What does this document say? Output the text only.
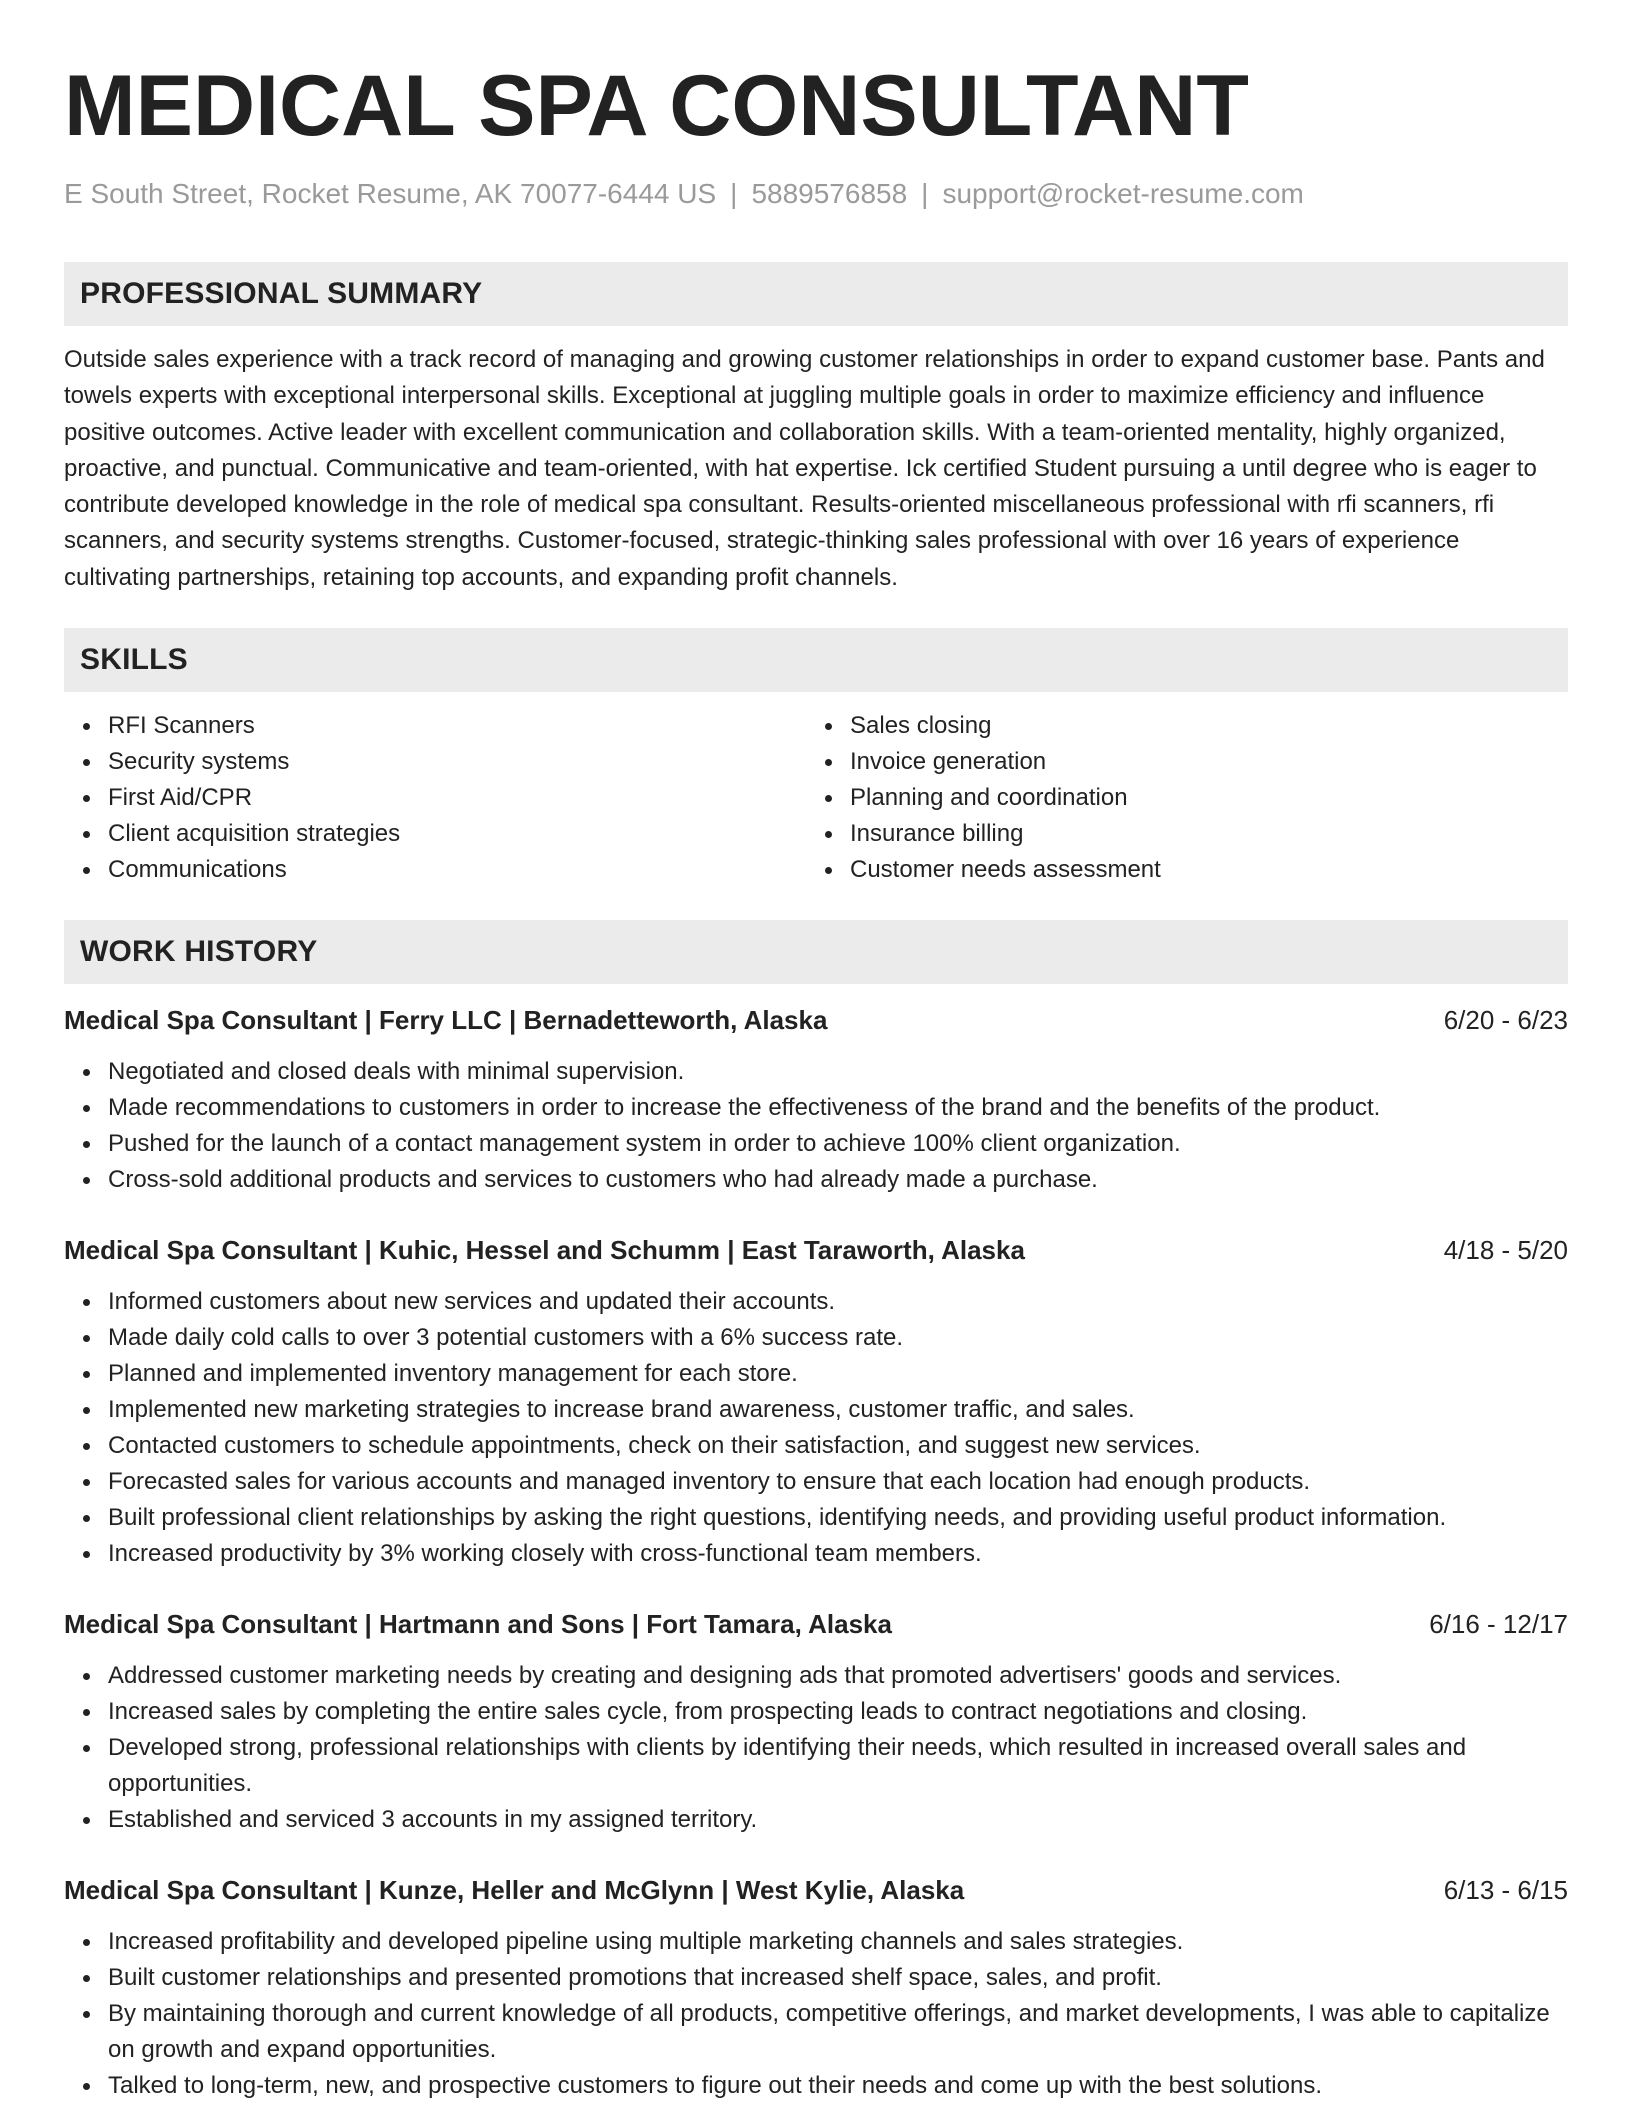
MEDICAL SPA CONSULTANT
E South Street, Rocket Resume, AK 70077-6444 US | 5889576858 | support@rocket-resume.com
PROFESSIONAL SUMMARY

Outside sales experience with a track record of managing and growing customer relationships in order to expand customer base. Pants and towels experts with exceptional interpersonal skills. Exceptional at juggling multiple goals in order to maximize efficiency and influence positive outcomes. Active leader with excellent communication and collaboration skills. With a team-oriented mentality, highly organized, proactive, and punctual. Communicative and team-oriented, with hat expertise. Ick certified Student pursuing a until degree who is eager to contribute developed knowledge in the role of medical spa consultant. Results-oriented miscellaneous professional with rfi scanners, rfi scanners, and security systems strengths. Customer-focused, strategic-thinking sales professional with over 16 years of experience cultivating partnerships, retaining top accounts, and expanding profit channels.

SKILLS
RFI Scanners
Security systems
First Aid/CPR
Client acquisition strategies
Communications
Sales closing
Invoice generation
Planning and coordination
Insurance billing
Customer needs assessment
WORK HISTORY
Medical Spa Consultant | Ferry LLC | Bernadetteworth, Alaska	6/20 - 6/23
Negotiated and closed deals with minimal supervision.
Made recommendations to customers in order to increase the effectiveness of the brand and the benefits of the product.
Pushed for the launch of a contact management system in order to achieve 100% client organization.
Cross-sold additional products and services to customers who had already made a purchase.
Medical Spa Consultant | Kuhic, Hessel and Schumm | East Taraworth, Alaska	4/18 - 5/20
Informed customers about new services and updated their accounts.
Made daily cold calls to over 3 potential customers with a 6% success rate.
Planned and implemented inventory management for each store.
Implemented new marketing strategies to increase brand awareness, customer traffic, and sales.
Contacted customers to schedule appointments, check on their satisfaction, and suggest new services.
Forecasted sales for various accounts and managed inventory to ensure that each location had enough products.
Built professional client relationships by asking the right questions, identifying needs, and providing useful product information.
Increased productivity by 3% working closely with cross-functional team members.
Medical Spa Consultant | Hartmann and Sons | Fort Tamara, Alaska	6/16 - 12/17
Addressed customer marketing needs by creating and designing ads that promoted advertisers' goods and services.
Increased sales by completing the entire sales cycle, from prospecting leads to contract negotiations and closing.
Developed strong, professional relationships with clients by identifying their needs, which resulted in increased overall sales and opportunities.
Established and serviced 3 accounts in my assigned territory.
Medical Spa Consultant | Kunze, Heller and McGlynn | West Kylie, Alaska	6/13 - 6/15
Increased profitability and developed pipeline using multiple marketing channels and sales strategies.
Built customer relationships and presented promotions that increased shelf space, sales, and profit.
By maintaining thorough and current knowledge of all products, competitive offerings, and market developments, I was able to capitalize on growth and expand opportunities.
Talked to long-term, new, and prospective customers to figure out their needs and come up with the best solutions.
